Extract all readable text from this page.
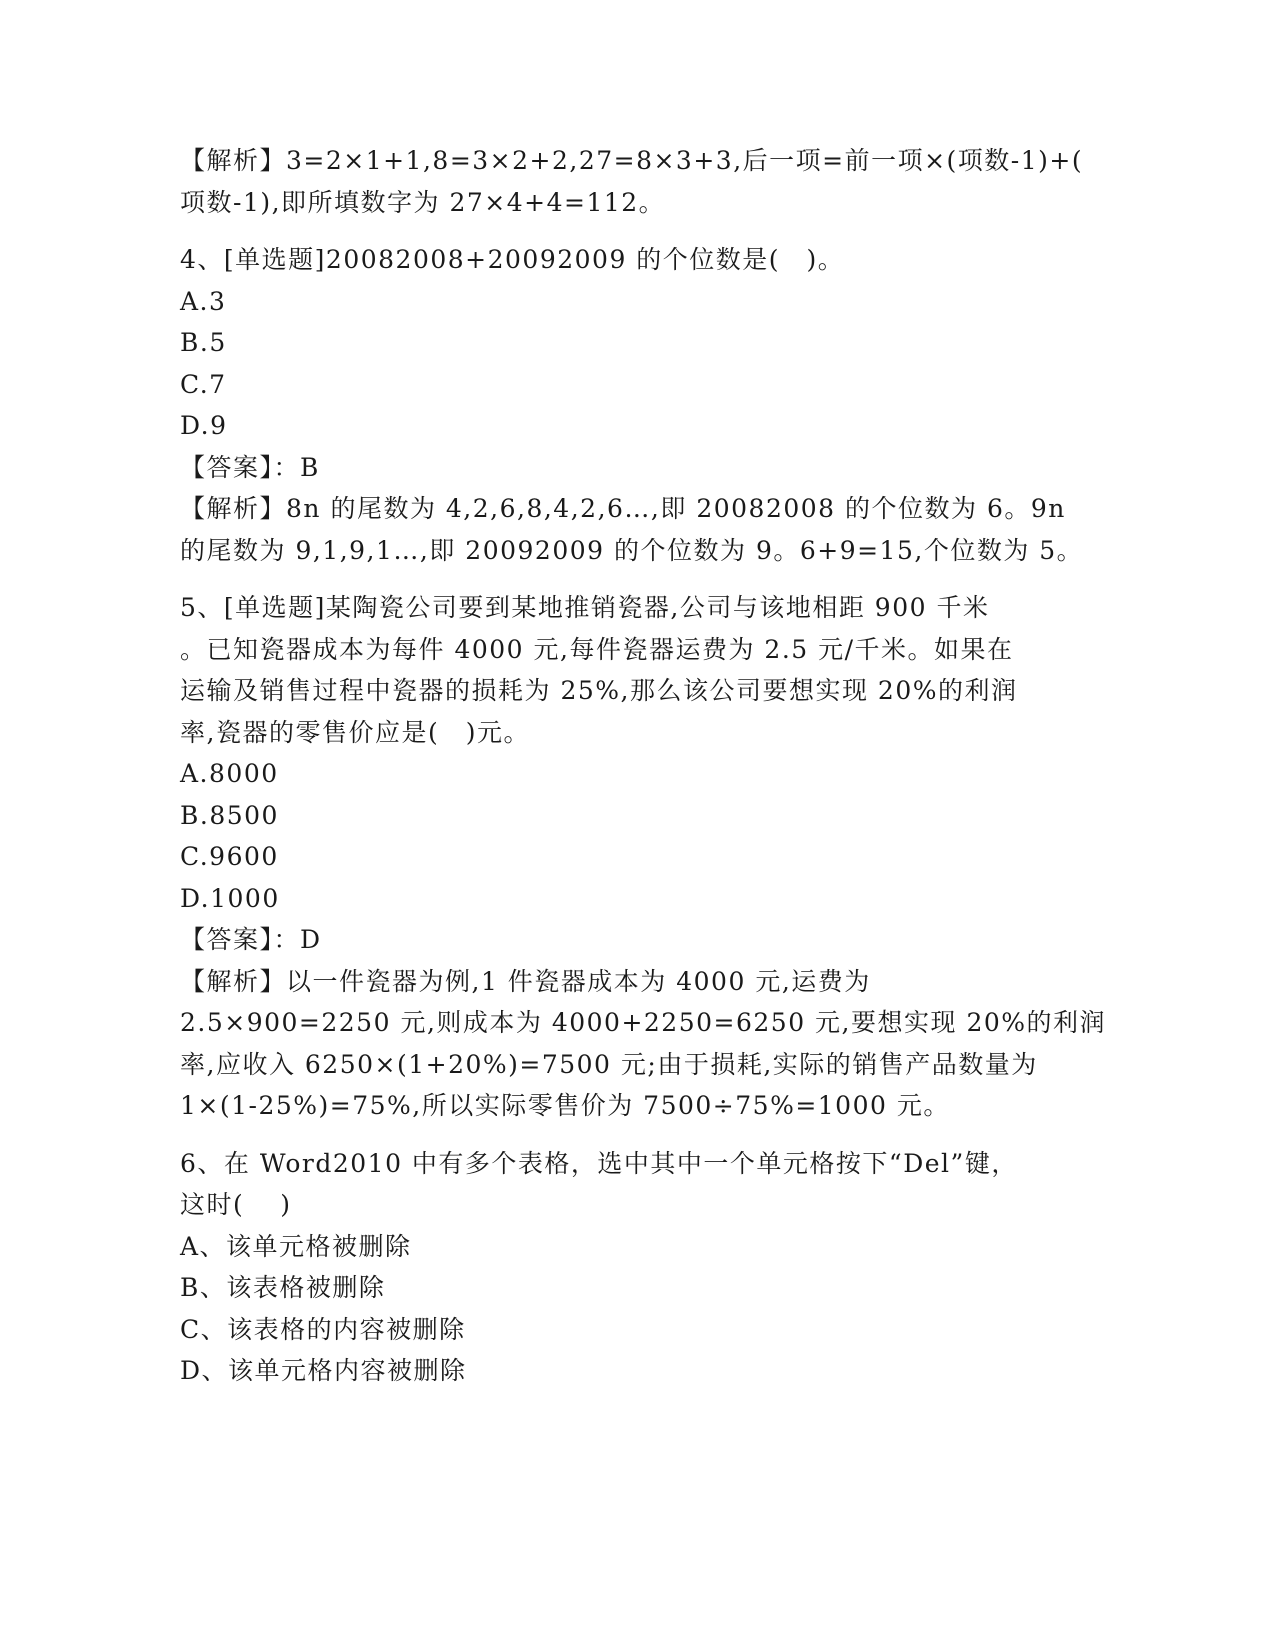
【解析】3=2×1+1,8=3×2+2,27=8×3+3,后一项=前一项×(项数-1)+(
项数-1),即所填数字为 27×4+4=112。
4、[单选题]20082008+20092009 的个位数是(　)。
A.3
B.5
C.7
D.9
【答案】：B
【解析】8n 的尾数为 4,2,6,8,4,2,6…,即 20082008 的个位数为 6。9n
的尾数为 9,1,9,1…,即 20092009 的个位数为 9。6+9=15,个位数为 5。
5、[单选题]某陶瓷公司要到某地推销瓷器,公司与该地相距 900 千米
。已知瓷器成本为每件 4000 元,每件瓷器运费为 2.5 元/千米。如果在
运输及销售过程中瓷器的损耗为 25%,那么该公司要想实现 20%的利润
率,瓷器的零售价应是(　)元。
A.8000
B.8500
C.9600
D.1000
【答案】：D
【解析】以一件瓷器为例,1 件瓷器成本为 4000 元,运费为
2.5×900=2250 元,则成本为 4000+2250=6250 元,要想实现 20%的利润
率,应收入 6250×(1+20%)=7500 元;由于损耗,实际的销售产品数量为
1×(1-25%)=75%,所以实际零售价为 7500÷75%=1000 元。
6、在 Word2010 中有多个表格，选中其中一个单元格按下“Del”键，
这时(　 )
A、该单元格被删除
B、该表格被删除
C、该表格的内容被删除
D、该单元格内容被删除
